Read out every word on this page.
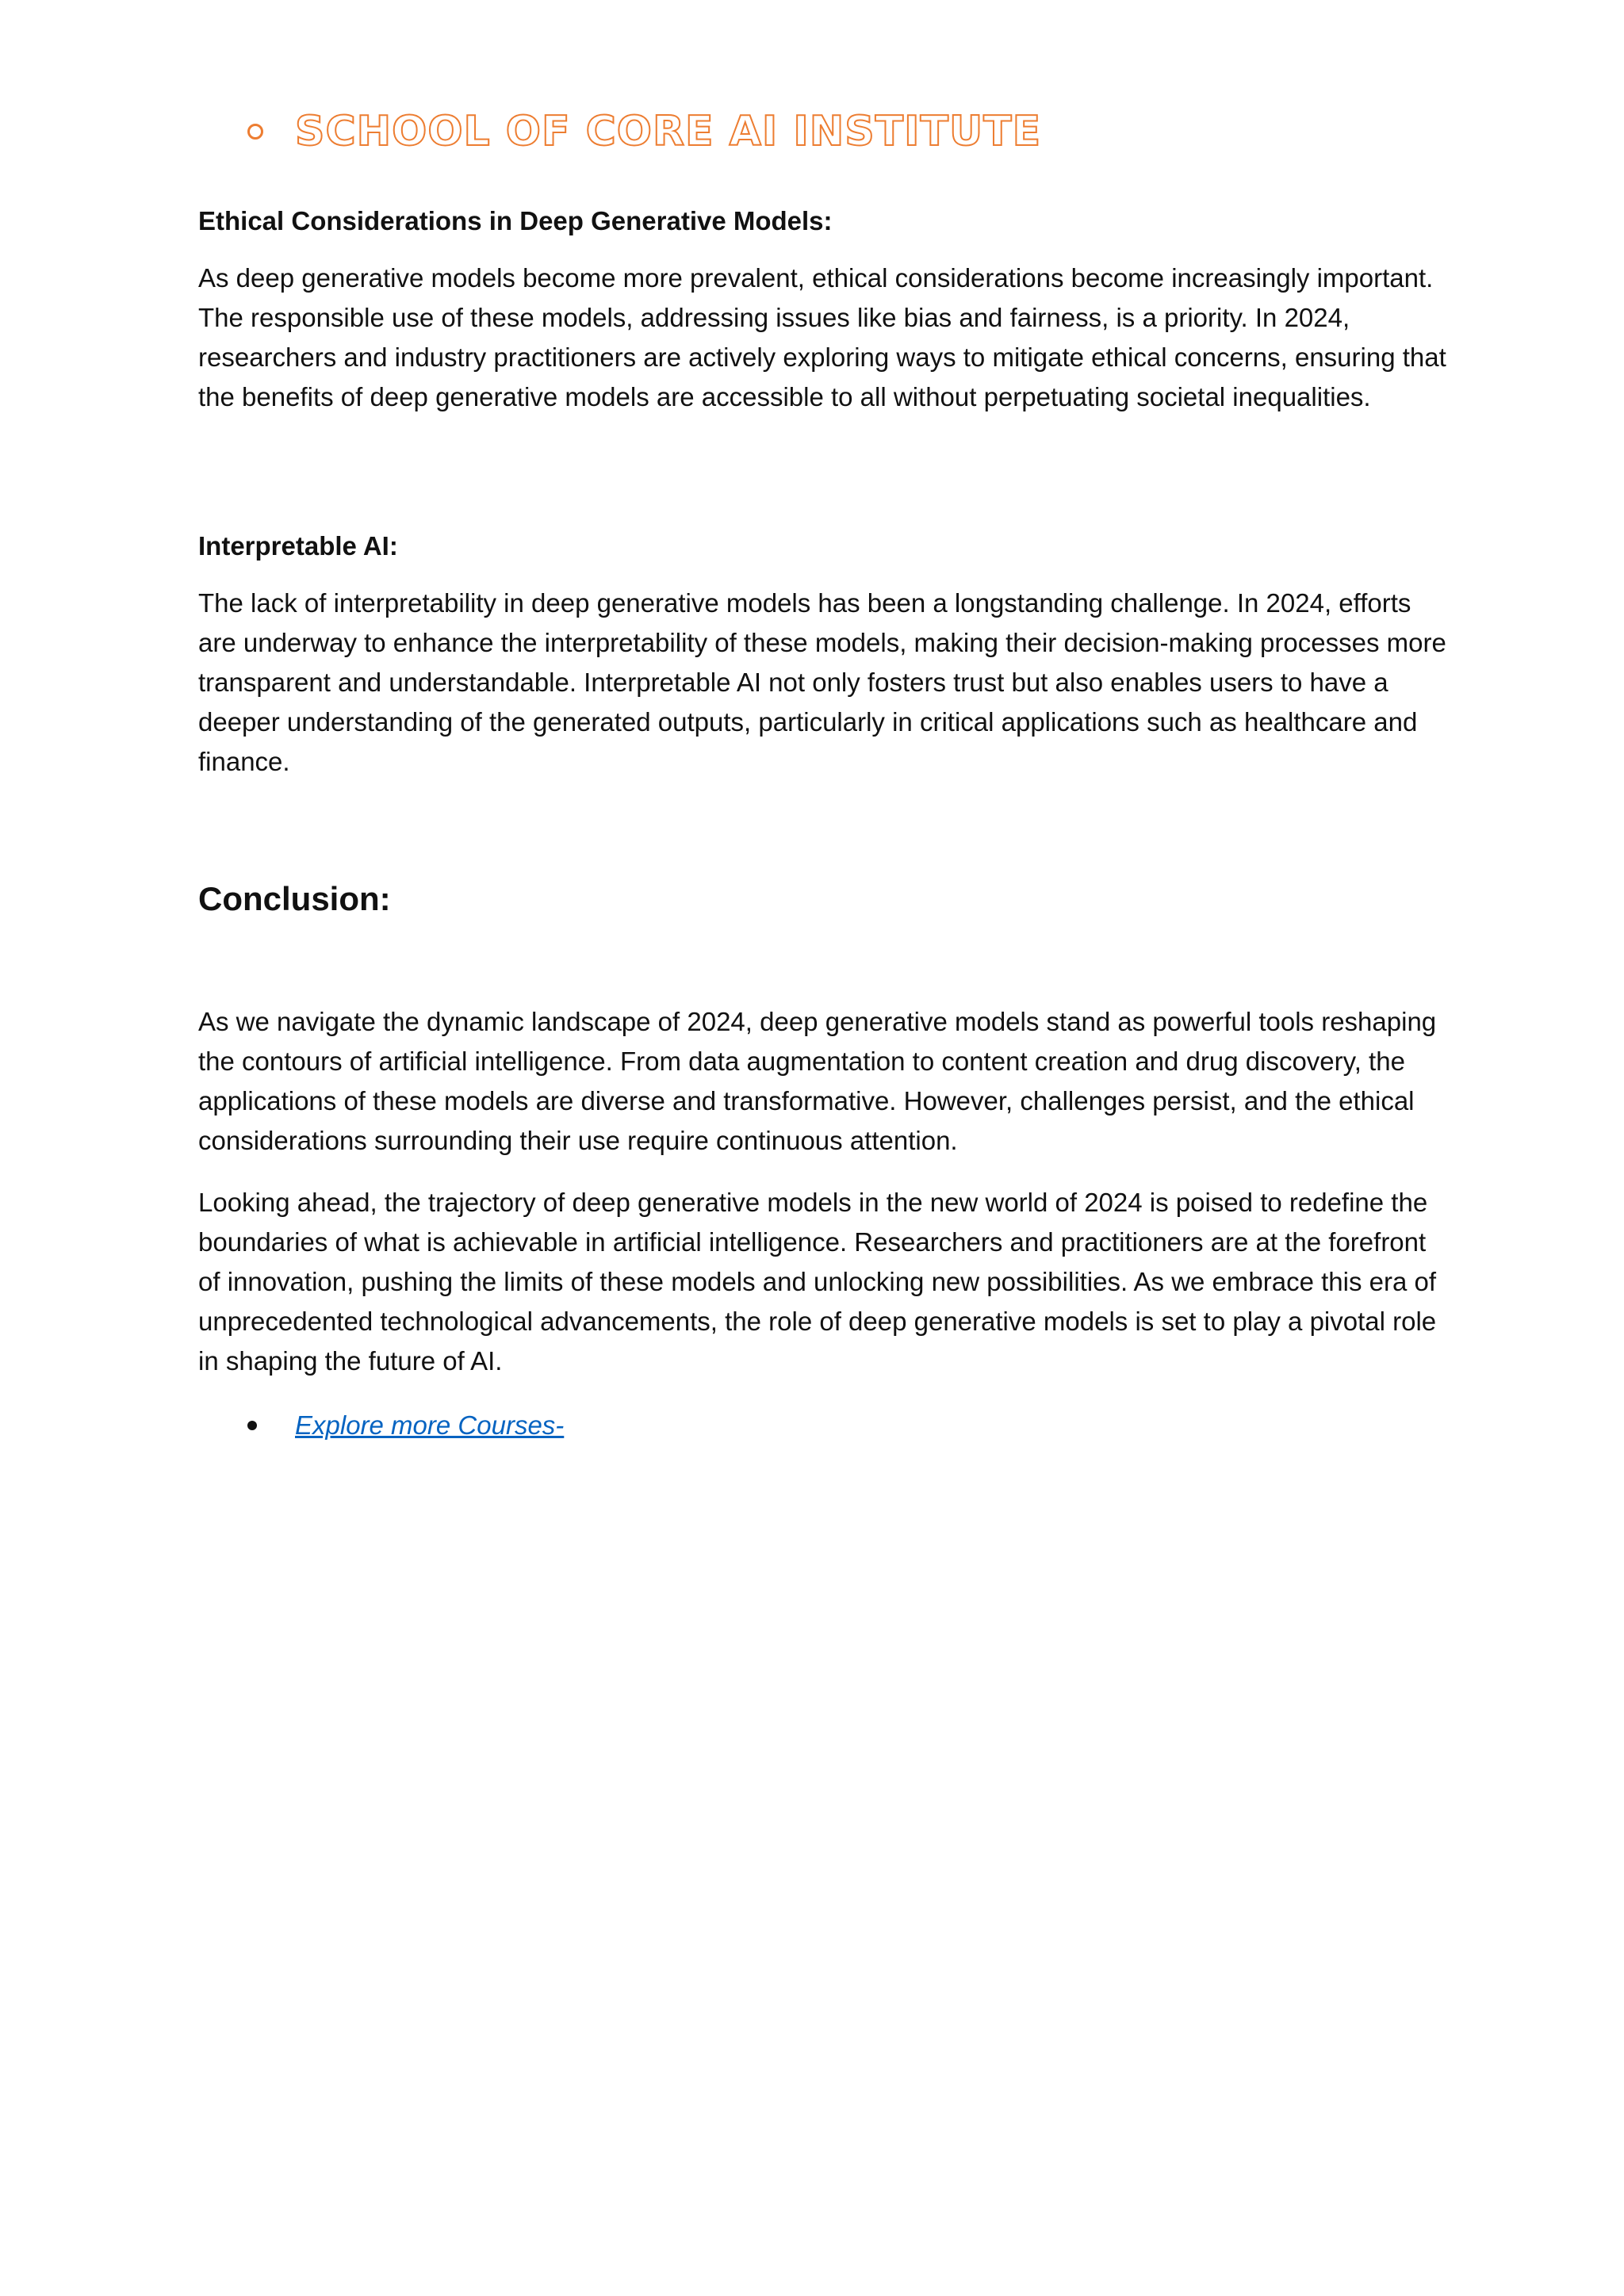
SCHOOL OF CORE AI INSTITUTE

Ethical Considerations in Deep Generative Models:

As deep generative models become more prevalent, ethical considerations become increasingly important. The responsible use of these models, addressing issues like bias and fairness, is a priority. In 2024, researchers and industry practitioners are actively exploring ways to mitigate ethical concerns, ensuring that the benefits of deep generative models are accessible to all without perpetuating societal inequalities.

Interpretable AI:

The lack of interpretability in deep generative models has been a longstanding challenge. In 2024, efforts are underway to enhance the interpretability of these models, making their decision-making processes more transparent and understandable. Interpretable AI not only fosters trust but also enables users to have a deeper understanding of the generated outputs, particularly in critical applications such as healthcare and finance.

Conclusion:

As we navigate the dynamic landscape of 2024, deep generative models stand as powerful tools reshaping the contours of artificial intelligence. From data augmentation to content creation and drug discovery, the applications of these models are diverse and transformative. However, challenges persist, and the ethical considerations surrounding their use require continuous attention.

Looking ahead, the trajectory of deep generative models in the new world of 2024 is poised to redefine the boundaries of what is achievable in artificial intelligence. Researchers and practitioners are at the forefront of innovation, pushing the limits of these models and unlocking new possibilities. As we embrace this era of unprecedented technological advancements, the role of deep generative models is set to play a pivotal role in shaping the future of AI.

Explore more Courses-
